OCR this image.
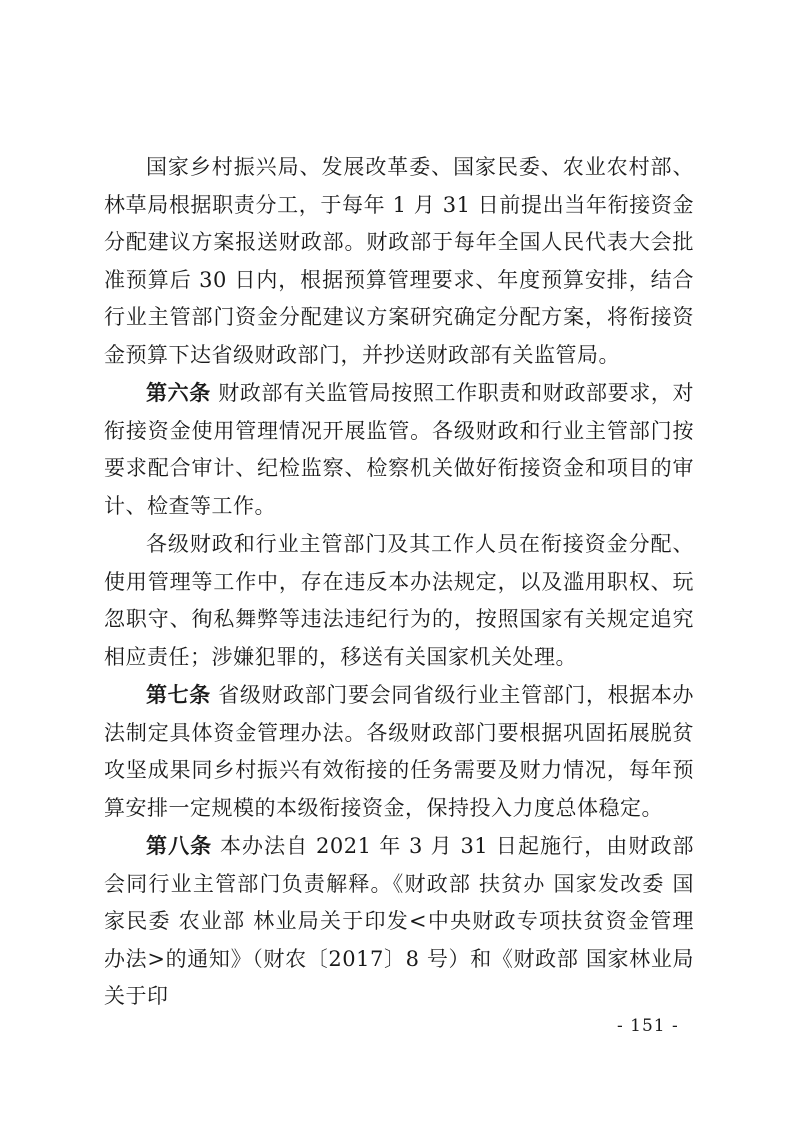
国家乡村振兴局、发展改革委、国家民委、农业农村部、林草局根据职责分工，于每年 1 月 31 日前提出当年衔接资金分配建议方案报送财政部。财政部于每年全国人民代表大会批准预算后 30 日内，根据预算管理要求、年度预算安排，结合行业主管部门资金分配建议方案研究确定分配方案，将衔接资金预算下达省级财政部门，并抄送财政部有关监管局。

第六条 财政部有关监管局按照工作职责和财政部要求，对衔接资金使用管理情况开展监管。各级财政和行业主管部门按要求配合审计、纪检监察、检察机关做好衔接资金和项目的审计、检查等工作。

各级财政和行业主管部门及其工作人员在衔接资金分配、使用管理等工作中，存在违反本办法规定，以及滥用职权、玩忽职守、徇私舞弊等违法违纪行为的，按照国家有关规定追究相应责任；涉嫌犯罪的，移送有关国家机关处理。

第七条 省级财政部门要会同省级行业主管部门，根据本办法制定具体资金管理办法。各级财政部门要根据巩固拓展脱贫攻坚成果同乡村振兴有效衔接的任务需要及财力情况，每年预算安排一定规模的本级衔接资金，保持投入力度总体稳定。

第八条 本办法自 2021 年 3 月 31 日起施行，由财政部会同行业主管部门负责解释。《财政部 扶贫办 国家发改委 国家民委 农业部 林业局关于印发<中央财政专项扶贫资金管理办法>的通知》（财农〔2017〕8 号）和《财政部 国家林业局关于印

- 151 -
